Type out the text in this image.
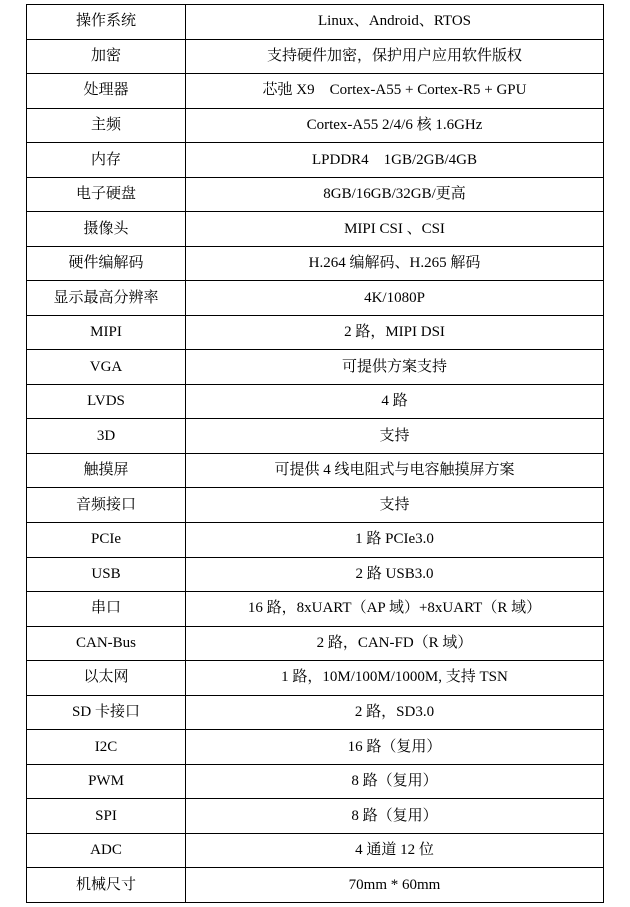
操作系统	Linux、Android、RTOS
加密	支持硬件加密，保护用户应用软件版权
处理器	芯弛 X9　Cortex-A55 + Cortex-R5 + GPU
主频	Cortex-A55 2/4/6 核 1.6GHz
内存	LPDDR4　1GB/2GB/4GB
电子硬盘	8GB/16GB/32GB/更高
摄像头	MIPI CSI 、CSI
硬件编解码	H.264 编解码、H.265 解码
显示最高分辨率	4K/1080P
MIPI	2 路，MIPI DSI
VGA	可提供方案支持
LVDS	4 路
3D	支持
触摸屏	可提供 4 线电阻式与电容触摸屏方案
音频接口	支持
PCIe	1 路 PCIe3.0
USB	2 路 USB3.0
串口	16 路，8xUART（AP 域）+8xUART（R 域）
CAN-Bus	2 路，CAN-FD（R 域）
以太网	1 路，10M/100M/1000M, 支持 TSN
SD 卡接口	2 路，SD3.0
I2C	16 路（复用）
PWM	8 路（复用）
SPI	8 路（复用）
ADC	4 通道 12 位
机械尺寸	70mm * 60mm
